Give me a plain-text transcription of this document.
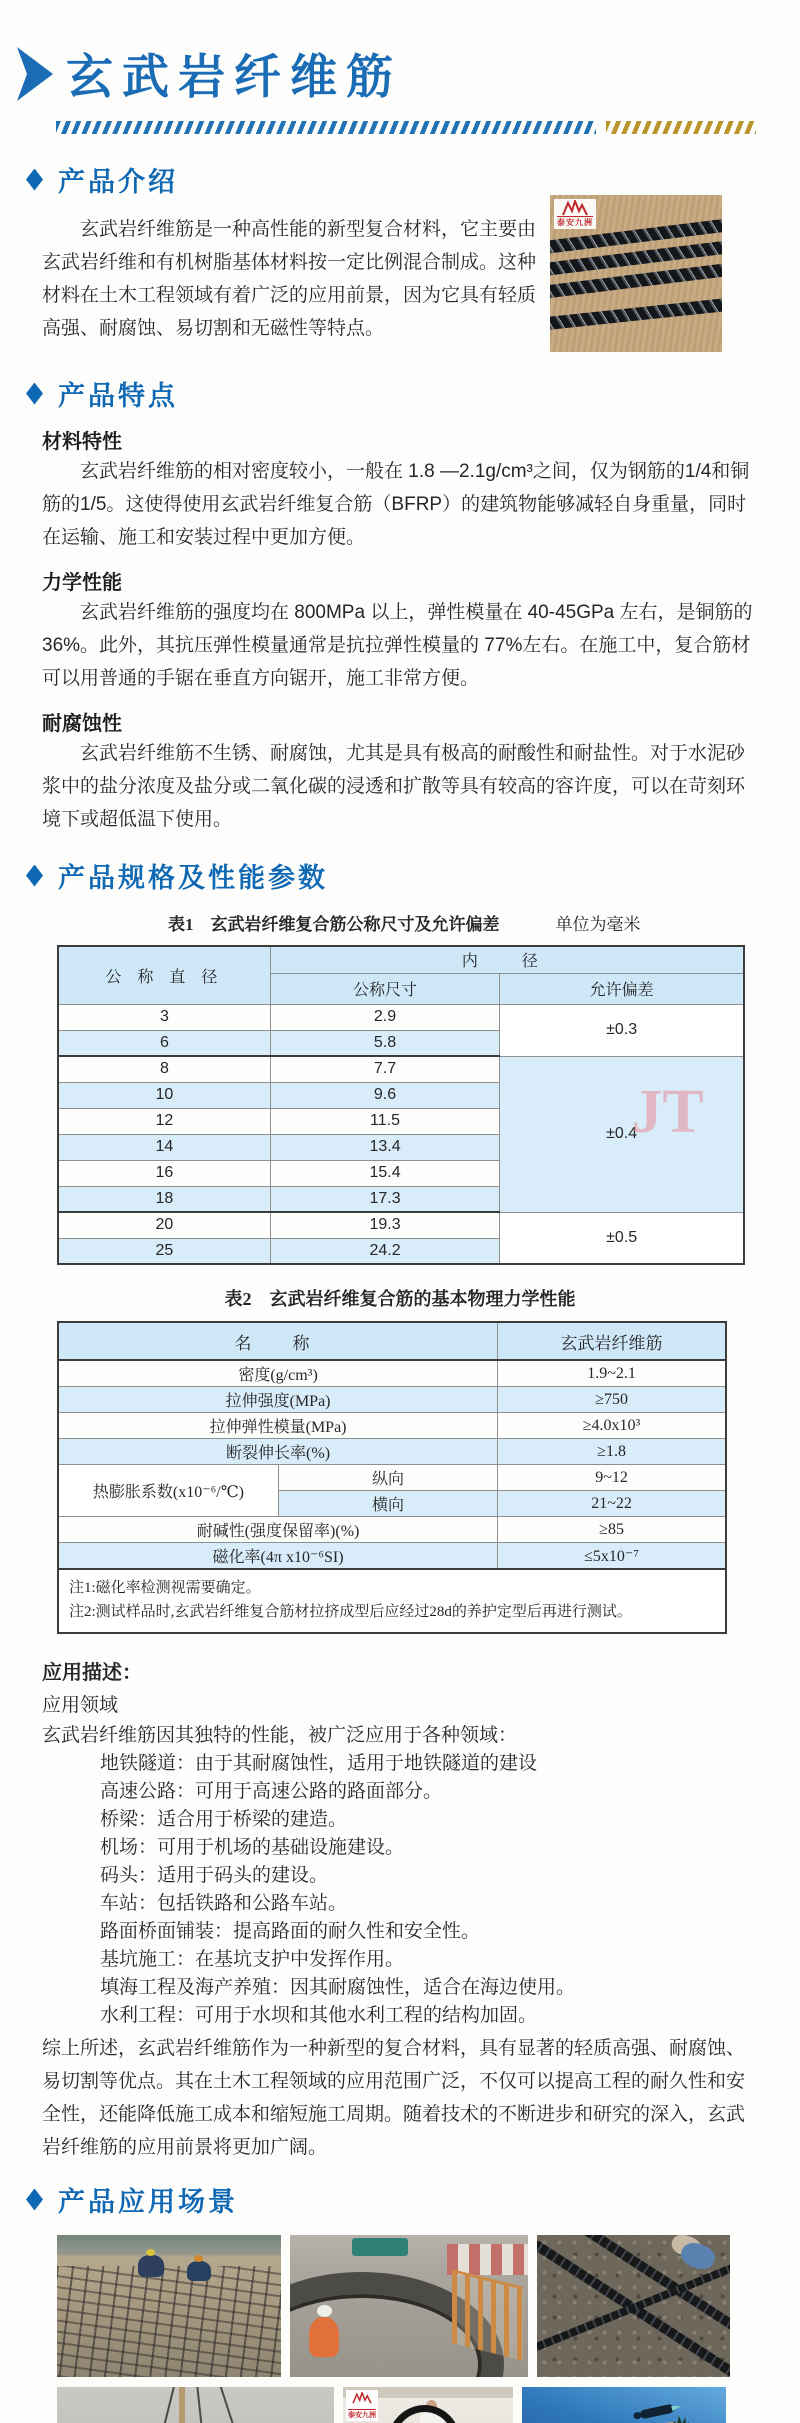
玄武岩纤维筋
产品介绍

玄武岩纤维筋是一种高性能的新型复合材料，它主要由玄武岩纤维和有机树脂基体材料按一定比例混合制成。这种材料在土木工程领域有着广泛的应用前景，因为它具有轻质高强、耐腐蚀、易切割和无磁性等特点。

泰安九洲
产品特点
材料特性

玄武岩纤维筋的相对密度较小，一般在 1.8 —2.1g/cm³之间，仅为钢筋的1/4和铜筋的1/5。这使得使用玄武岩纤维复合筋（BFRP）的建筑物能够减轻自身重量，同时在运输、施工和安装过程中更加方便。

力学性能

玄武岩纤维筋的强度均在 800MPa 以上，弹性模量在 40-45GPa 左右，是铜筋的36%。此外，其抗压弹性模量通常是抗拉弹性模量的 77%左右。在施工中，复合筋材可以用普通的手锯在垂直方向锯开，施工非常方便。

耐腐蚀性

玄武岩纤维筋不生锈、耐腐蚀，尤其是具有极高的耐酸性和耐盐性。对于水泥砂浆中的盐分浓度及盐分或二氧化碳的浸透和扩散等具有较高的容许度，可以在苛刻环境下或超低温下使用。

产品规格及性能参数
表1　玄武岩纤维复合筋公称尺寸及允许偏差	单位为毫米
公 称 直 径	内　径	
	公称尺寸	允许偏差
3	2.9	±0.3
6	5.8	
8	7.7	±0.4
JT

10	9.6	
12	11.5	
14	13.4	
16	15.4	
18	17.3	
20	19.3	±0.5
25	24.2	
表2　玄武岩纤维复合筋的基本物理力学性能
名　称		玄武岩纤维筋
密度(g/cm³)		1.9~2.1
拉伸强度(MPa)		≥750
拉伸弹性模量(MPa)		≥4.0x10³
断裂伸长率(%)		≥1.8
热膨胀系数(x10⁻⁶/℃)	纵向	9~12
	横向	21~22
耐碱性(强度保留率)(%)		≥85
磁化率(4π x10⁻⁶SI)		≤5x10⁻⁷

注1:磁化率检测视需要确定。
注2:测试样品时,玄武岩纤维复合筋材拉挤成型后应经过28d的养护定型后再进行测试。		
应用描述：
应用领域
玄武岩纤维筋因其独特的性能，被广泛应用于各种领域：
地铁隧道：由于其耐腐蚀性，适用于地铁隧道的建设
高速公路：可用于高速公路的路面部分。
桥梁：适合用于桥梁的建造。
机场：可用于机场的基础设施建设。
码头：适用于码头的建设。
车站：包括铁路和公路车站。
路面桥面铺装：提高路面的耐久性和安全性。
基坑施工：在基坑支护中发挥作用。
填海工程及海产养殖：因其耐腐蚀性，适合在海边使用。
水利工程：可用于水坝和其他水利工程的结构加固。

综上所述，玄武岩纤维筋作为一种新型的复合材料，具有显著的轻质高强、耐腐蚀、易切割等优点。其在土木工程领域的应用范围广泛，不仅可以提高工程的耐久性和安全性，还能降低施工成本和缩短施工周期。随着技术的不断进步和研究的深入，玄武岩纤维筋的应用前景将更加广阔。

产品应用场景
泰安九洲
